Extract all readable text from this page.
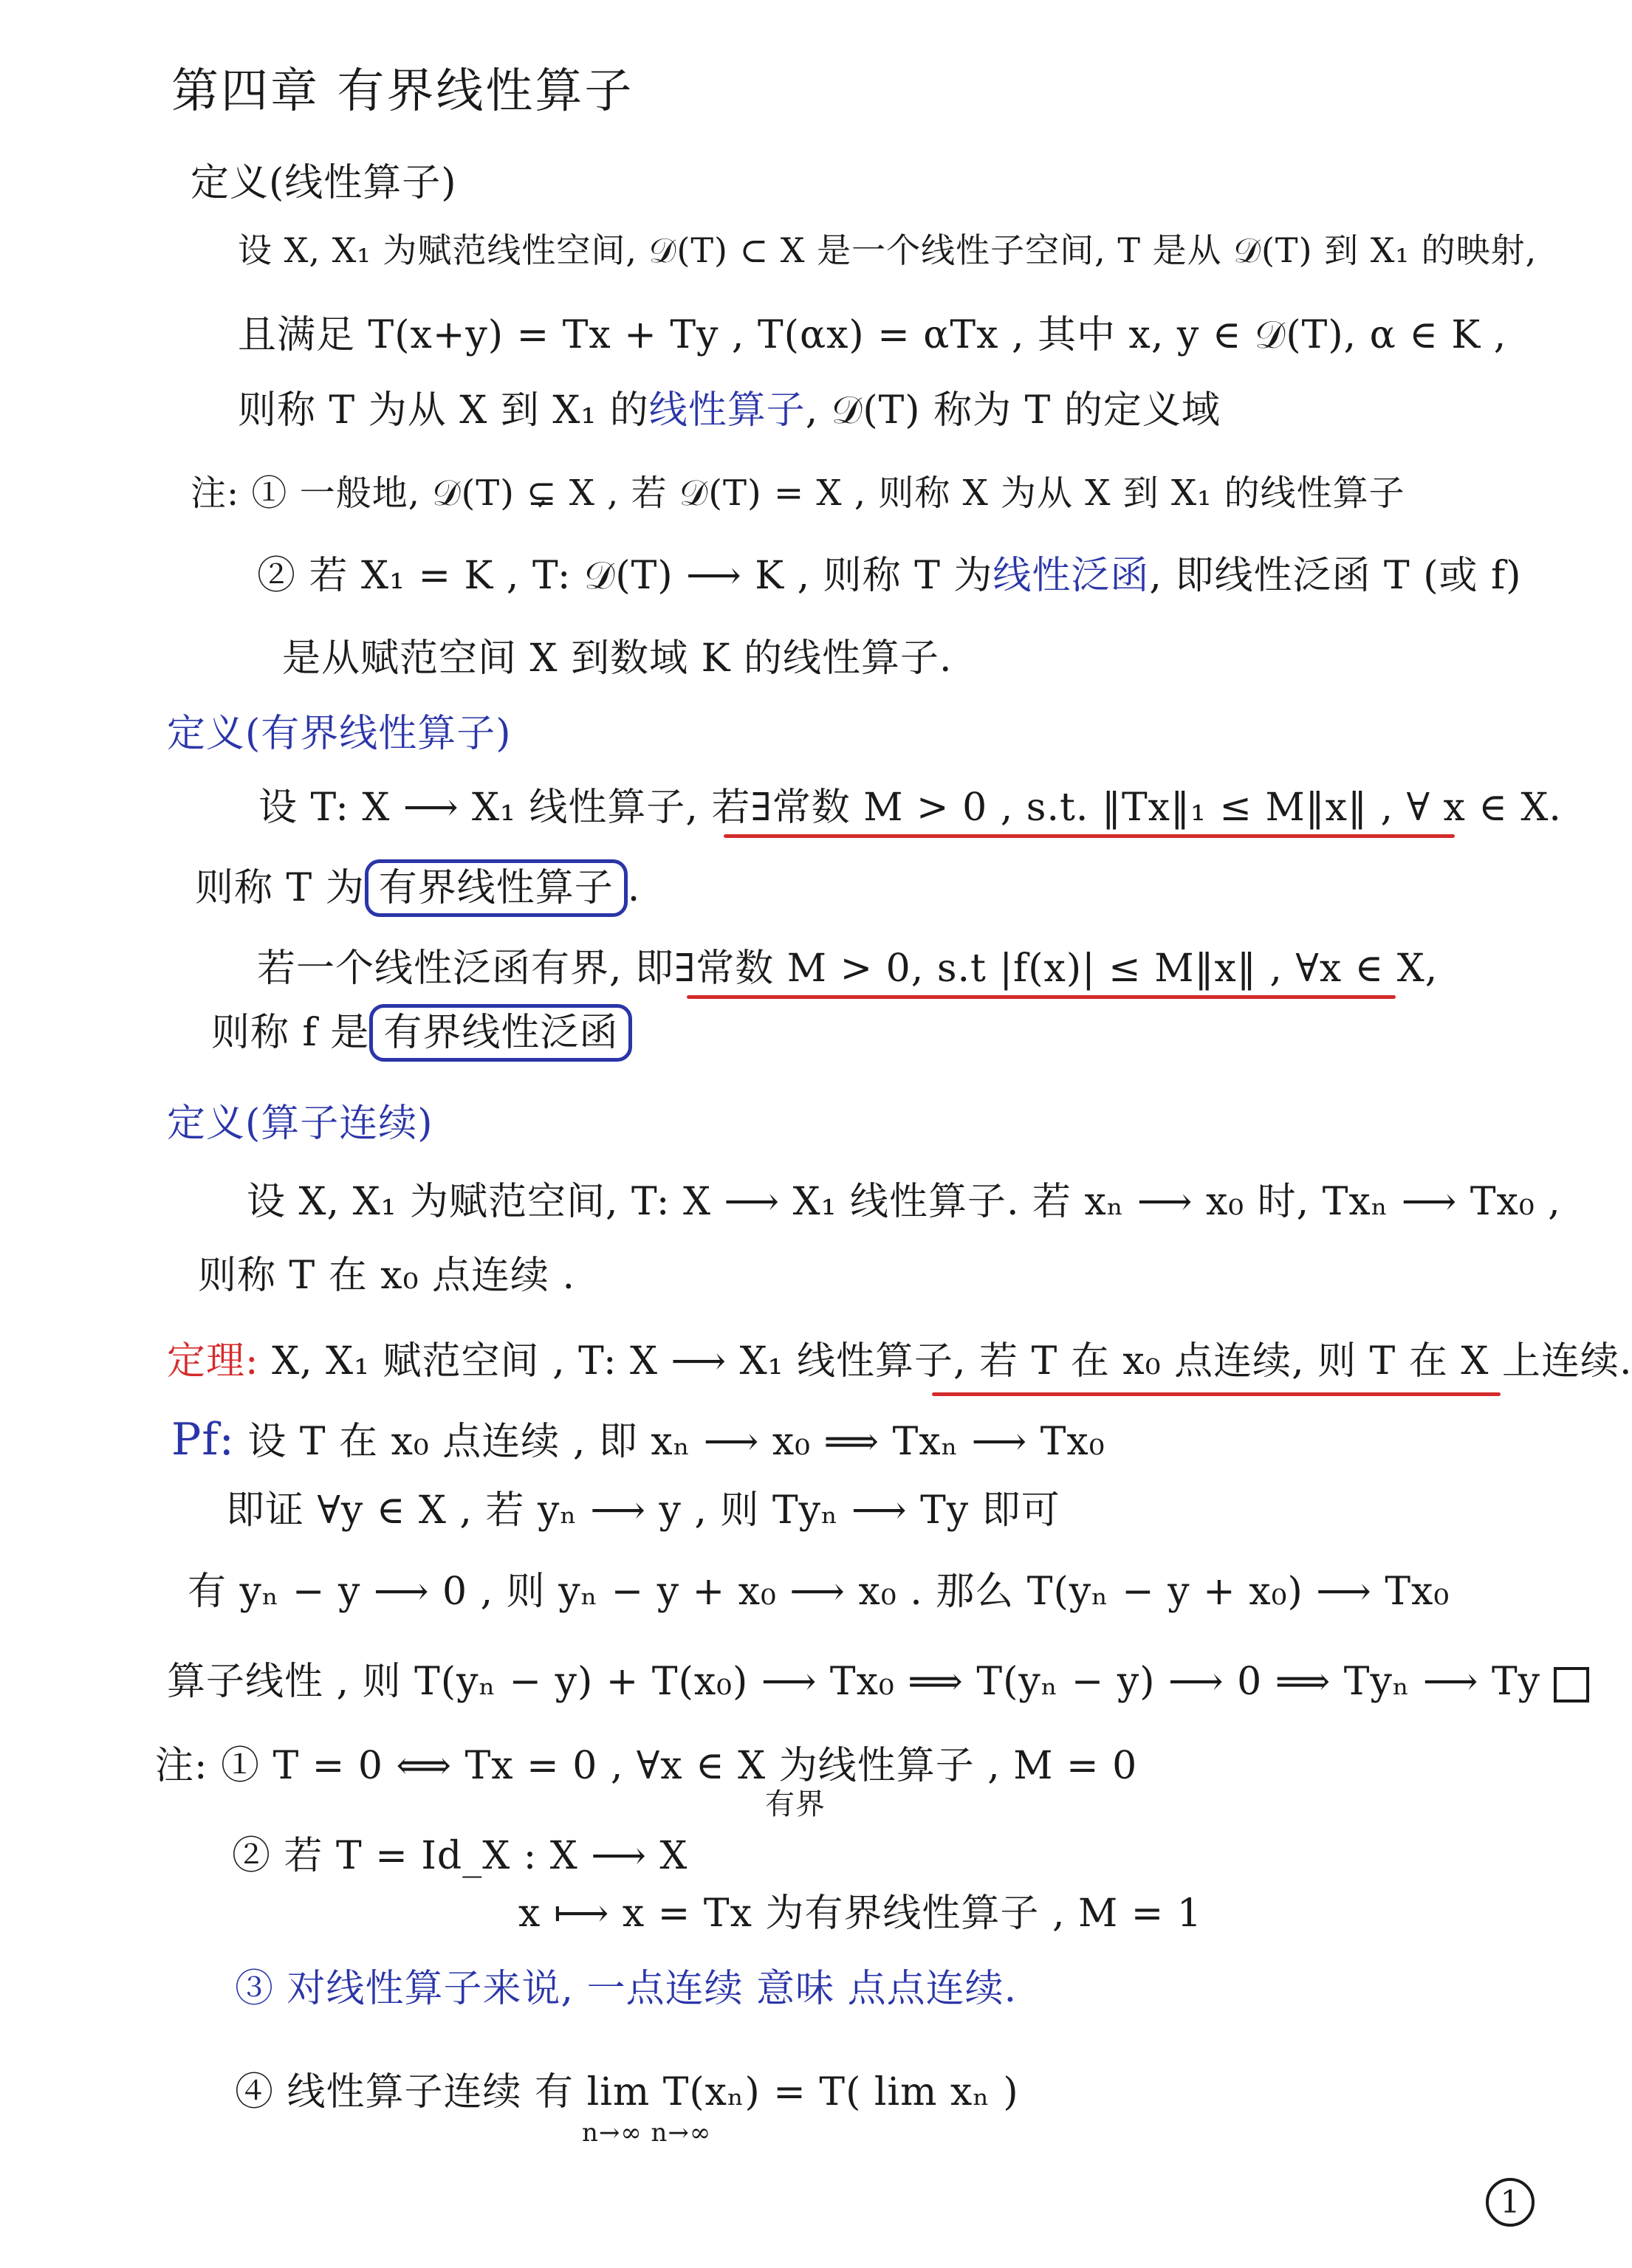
第四章 有界线性算子
定义(线性算子)
设 X, X₁ 为赋范线性空间, 𝒟(T) ⊂ X 是一个线性子空间, T 是从 𝒟(T) 到 X₁ 的映射,
且满足 T(x+y) = Tx + Ty , T(αx) = αTx , 其中 x, y ∈ 𝒟(T), α ∈ K ,
则称 T 为从 X 到 X₁ 的线性算子, 𝒟(T) 称为 T 的定义域
注: ① 一般地, 𝒟(T) ⊊ X , 若 𝒟(T) = X , 则称 X 为从 X 到 X₁ 的线性算子
② 若 X₁ = K , T: 𝒟(T) ⟶ K , 则称 T 为线性泛函, 即线性泛函 T (或 f)
是从赋范空间 X 到数域 K 的线性算子.
定义(有界线性算子)
设 T: X ⟶ X₁ 线性算子, 若∃常数 M > 0 , s.t. ‖Tx‖₁ ≤ M‖x‖ , ∀ x ∈ X.
则称 T 为 有界线性算子 .
若一个线性泛函有界, 即∃常数 M > 0, s.t |f(x)| ≤ M‖x‖ , ∀x ∈ X,
则称 f 是 有界线性泛函
定义(算子连续)
设 X, X₁ 为赋范空间, T: X ⟶ X₁ 线性算子. 若 xₙ ⟶ x₀ 时, Txₙ ⟶ Tx₀ ,
则称 T 在 x₀ 点连续 .
定理: X, X₁ 赋范空间 , T: X ⟶ X₁ 线性算子, 若 T 在 x₀ 点连续, 则 T 在 X 上连续.
Pf: 设 T 在 x₀ 点连续 , 即 xₙ ⟶ x₀ ⟹ Txₙ ⟶ Tx₀
即证 ∀y ∈ X , 若 yₙ ⟶ y , 则 Tyₙ ⟶ Ty 即可
有 yₙ − y ⟶ 0 , 则 yₙ − y + x₀ ⟶ x₀ . 那么 T(yₙ − y + x₀) ⟶ Tx₀
算子线性 , 则 T(yₙ − y) + T(x₀) ⟶ Tx₀ ⟹ T(yₙ − y) ⟶ 0 ⟹ Tyₙ ⟶ Ty
注: ① T = 0 ⟺ Tx = 0 , ∀x ∈ X 为线性算子 , M = 0
有界
② 若 T = Id_X : X ⟶ X
x ⟼ x = Tx 为有界线性算子 , M = 1
③ 对线性算子来说, 一点连续 意味 点点连续.
④ 线性算子连续 有 lim T(xₙ) = T( lim xₙ )
n→∞ n→∞
1
